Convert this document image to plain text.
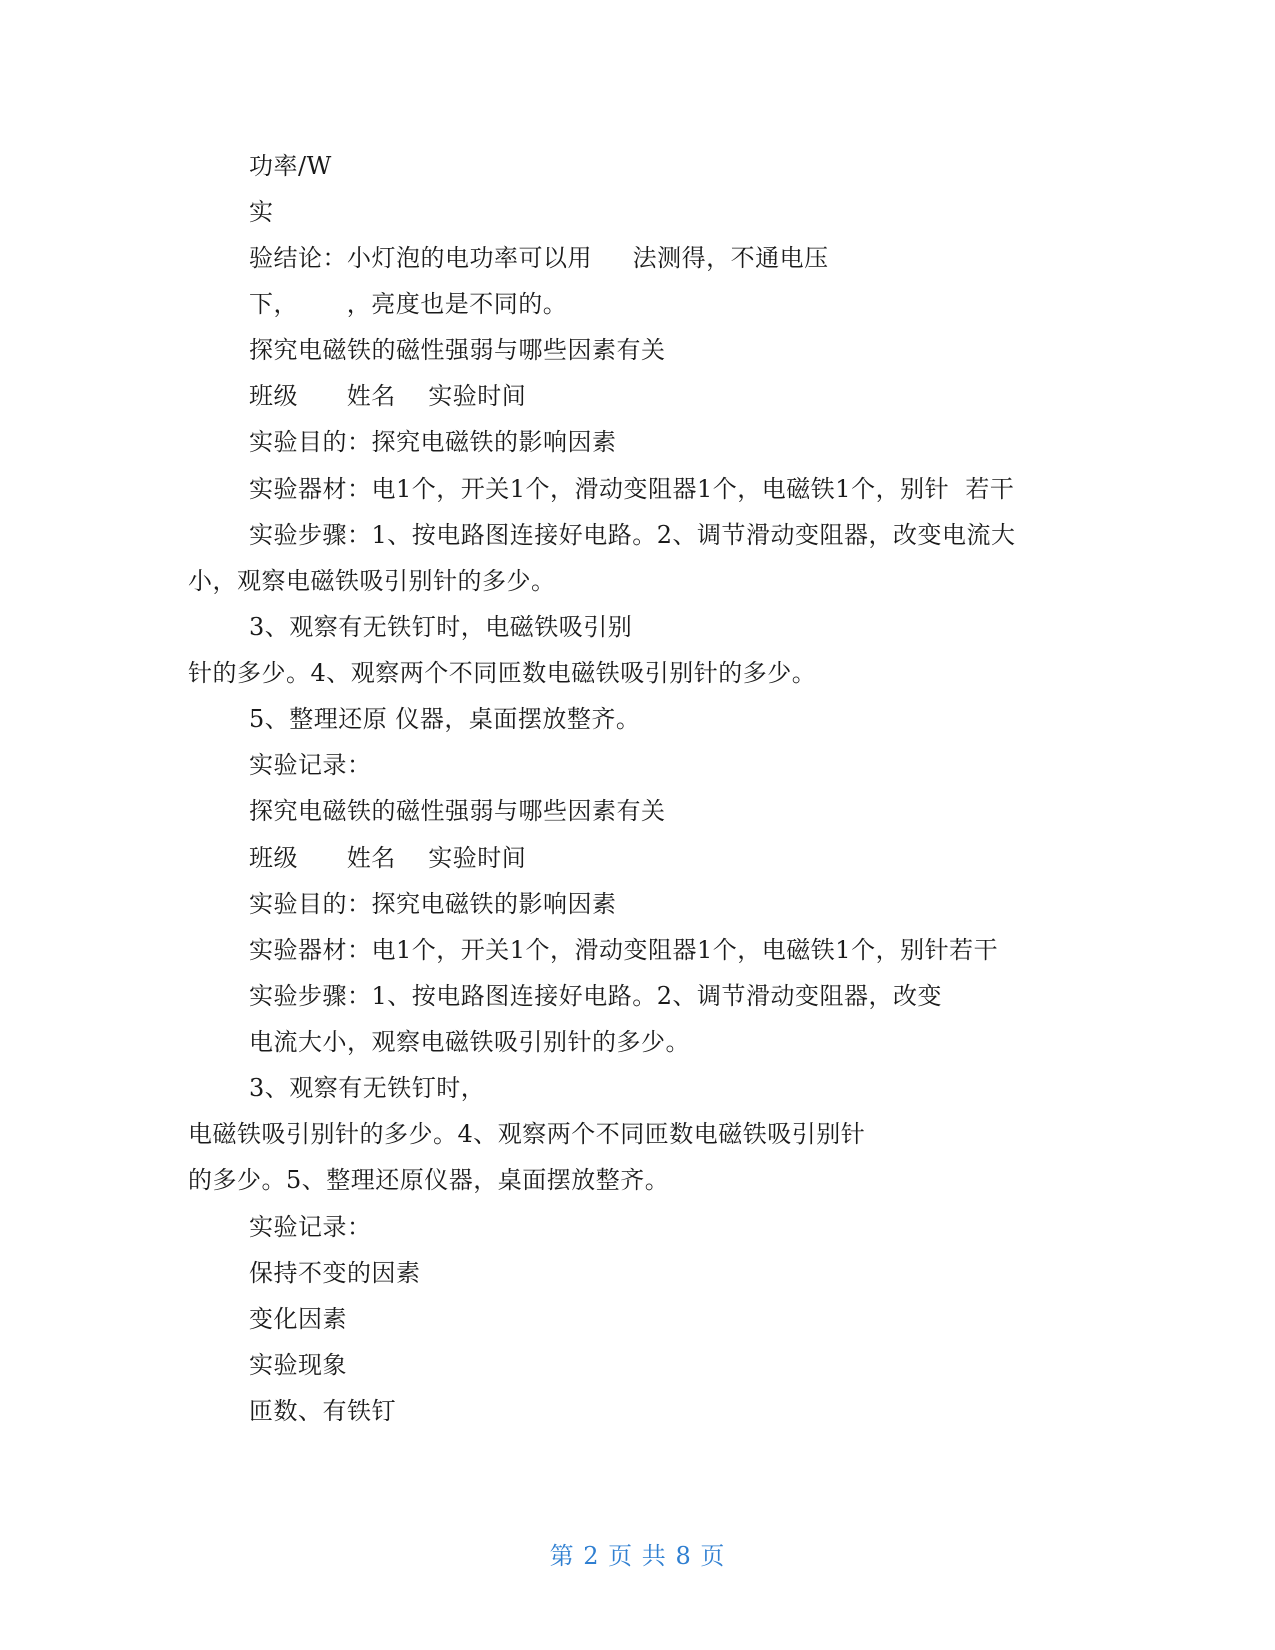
功率/W
实
验结论：小灯泡的电功率可以用     法测得，不通电压
下，      ，亮度也是不同的。
探究电磁铁的磁性强弱与哪些因素有关
班级      姓名    实验时间
实验目的：探究电磁铁的影响因素
实验器材：电1个，开关1个，滑动变阻器1个，电磁铁1个，别针  若干
实验步骤：1、按电路图连接好电路。2、调节滑动变阻器，改变电流大
小，观察电磁铁吸引别针的多少。
3、观察有无铁钉时，电磁铁吸引别
针的多少。4、观察两个不同匝数电磁铁吸引别针的多少。
5、整理还原 仪器，桌面摆放整齐。
实验记录：
探究电磁铁的磁性强弱与哪些因素有关
班级      姓名    实验时间
实验目的：探究电磁铁的影响因素
实验器材：电1个，开关1个，滑动变阻器1个，电磁铁1个，别针若干
实验步骤：1、按电路图连接好电路。2、调节滑动变阻器，改变
电流大小，观察电磁铁吸引别针的多少。
3、观察有无铁钉时，
电磁铁吸引别针的多少。4、观察两个不同匝数电磁铁吸引别针
的多少。5、整理还原仪器，桌面摆放整齐。
实验记录：
保持不变的因素
变化因素
实验现象
匝数、有铁钉
第 2 页 共 8 页
